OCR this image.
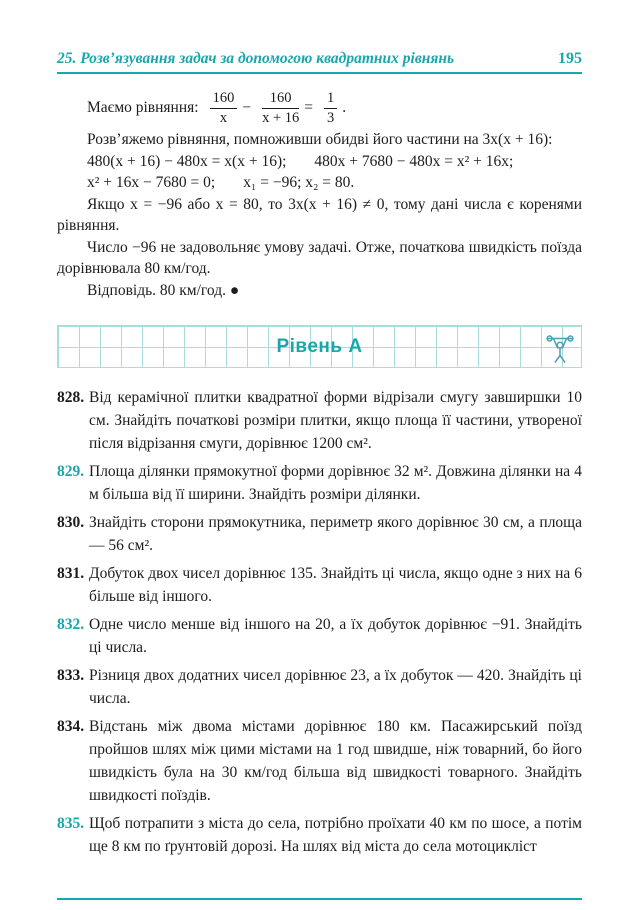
25. Розв’язування задач за допомогою квадратних рівнянь	195
Маємо рівняння: $\frac{160}{x} - \frac{160}{x + 16} = \frac{1}{3}$ .

Розв’яжемо рівняння, помноживши обидві його частини на 3x(x + 16):

480(x + 16) − 480x = x(x + 16); 480x + 7680 − 480x = x² + 16x;
x² + 16x − 7680 = 0; x₁ = −96; x₂ = 80.

Якщо x = −96 або x = 80, то 3x(x + 16) ≠ 0, тому дані числа є коренями рівняння.

Число −96 не задовольняє умову задачі. Отже, початкова швидкість поїзда дорівнювала 80 км/год.

Відповідь. 80 км/год. ●

Рівень А
828. Від керамічної плитки квадратної форми відрізали смугу завширшки 10 см. Знайдіть початкові розміри плитки, якщо площа її частини, утвореної після відрізання смуги, дорівнює 1200 см².
829. Площа ділянки прямокутної форми дорівнює 32 м². Довжина ділянки на 4 м більша від її ширини. Знайдіть розміри ділянки.
830. Знайдіть сторони прямокутника, периметр якого дорівнює 30 см, а площа — 56 см².
831. Добуток двох чисел дорівнює 135. Знайдіть ці числа, якщо одне з них на 6 більше від іншого.
832. Одне число менше від іншого на 20, а їх добуток дорівнює −91. Знайдіть ці числа.
833. Різниця двох додатних чисел дорівнює 23, а їх добуток — 420. Знайдіть ці числа.
834. Відстань між двома містами дорівнює 180 км. Пасажирський поїзд пройшов шлях між цими містами на 1 год швидше, ніж товарний, бо його швидкість була на 30 км/год більша від швидкості товарного. Знайдіть швидкості поїздів.
835. Щоб потрапити з міста до села, потрібно проїхати 40 км по шосе, а потім ще 8 км по ґрунтовій дорозі. На шлях від міста до села мотоцикліст
